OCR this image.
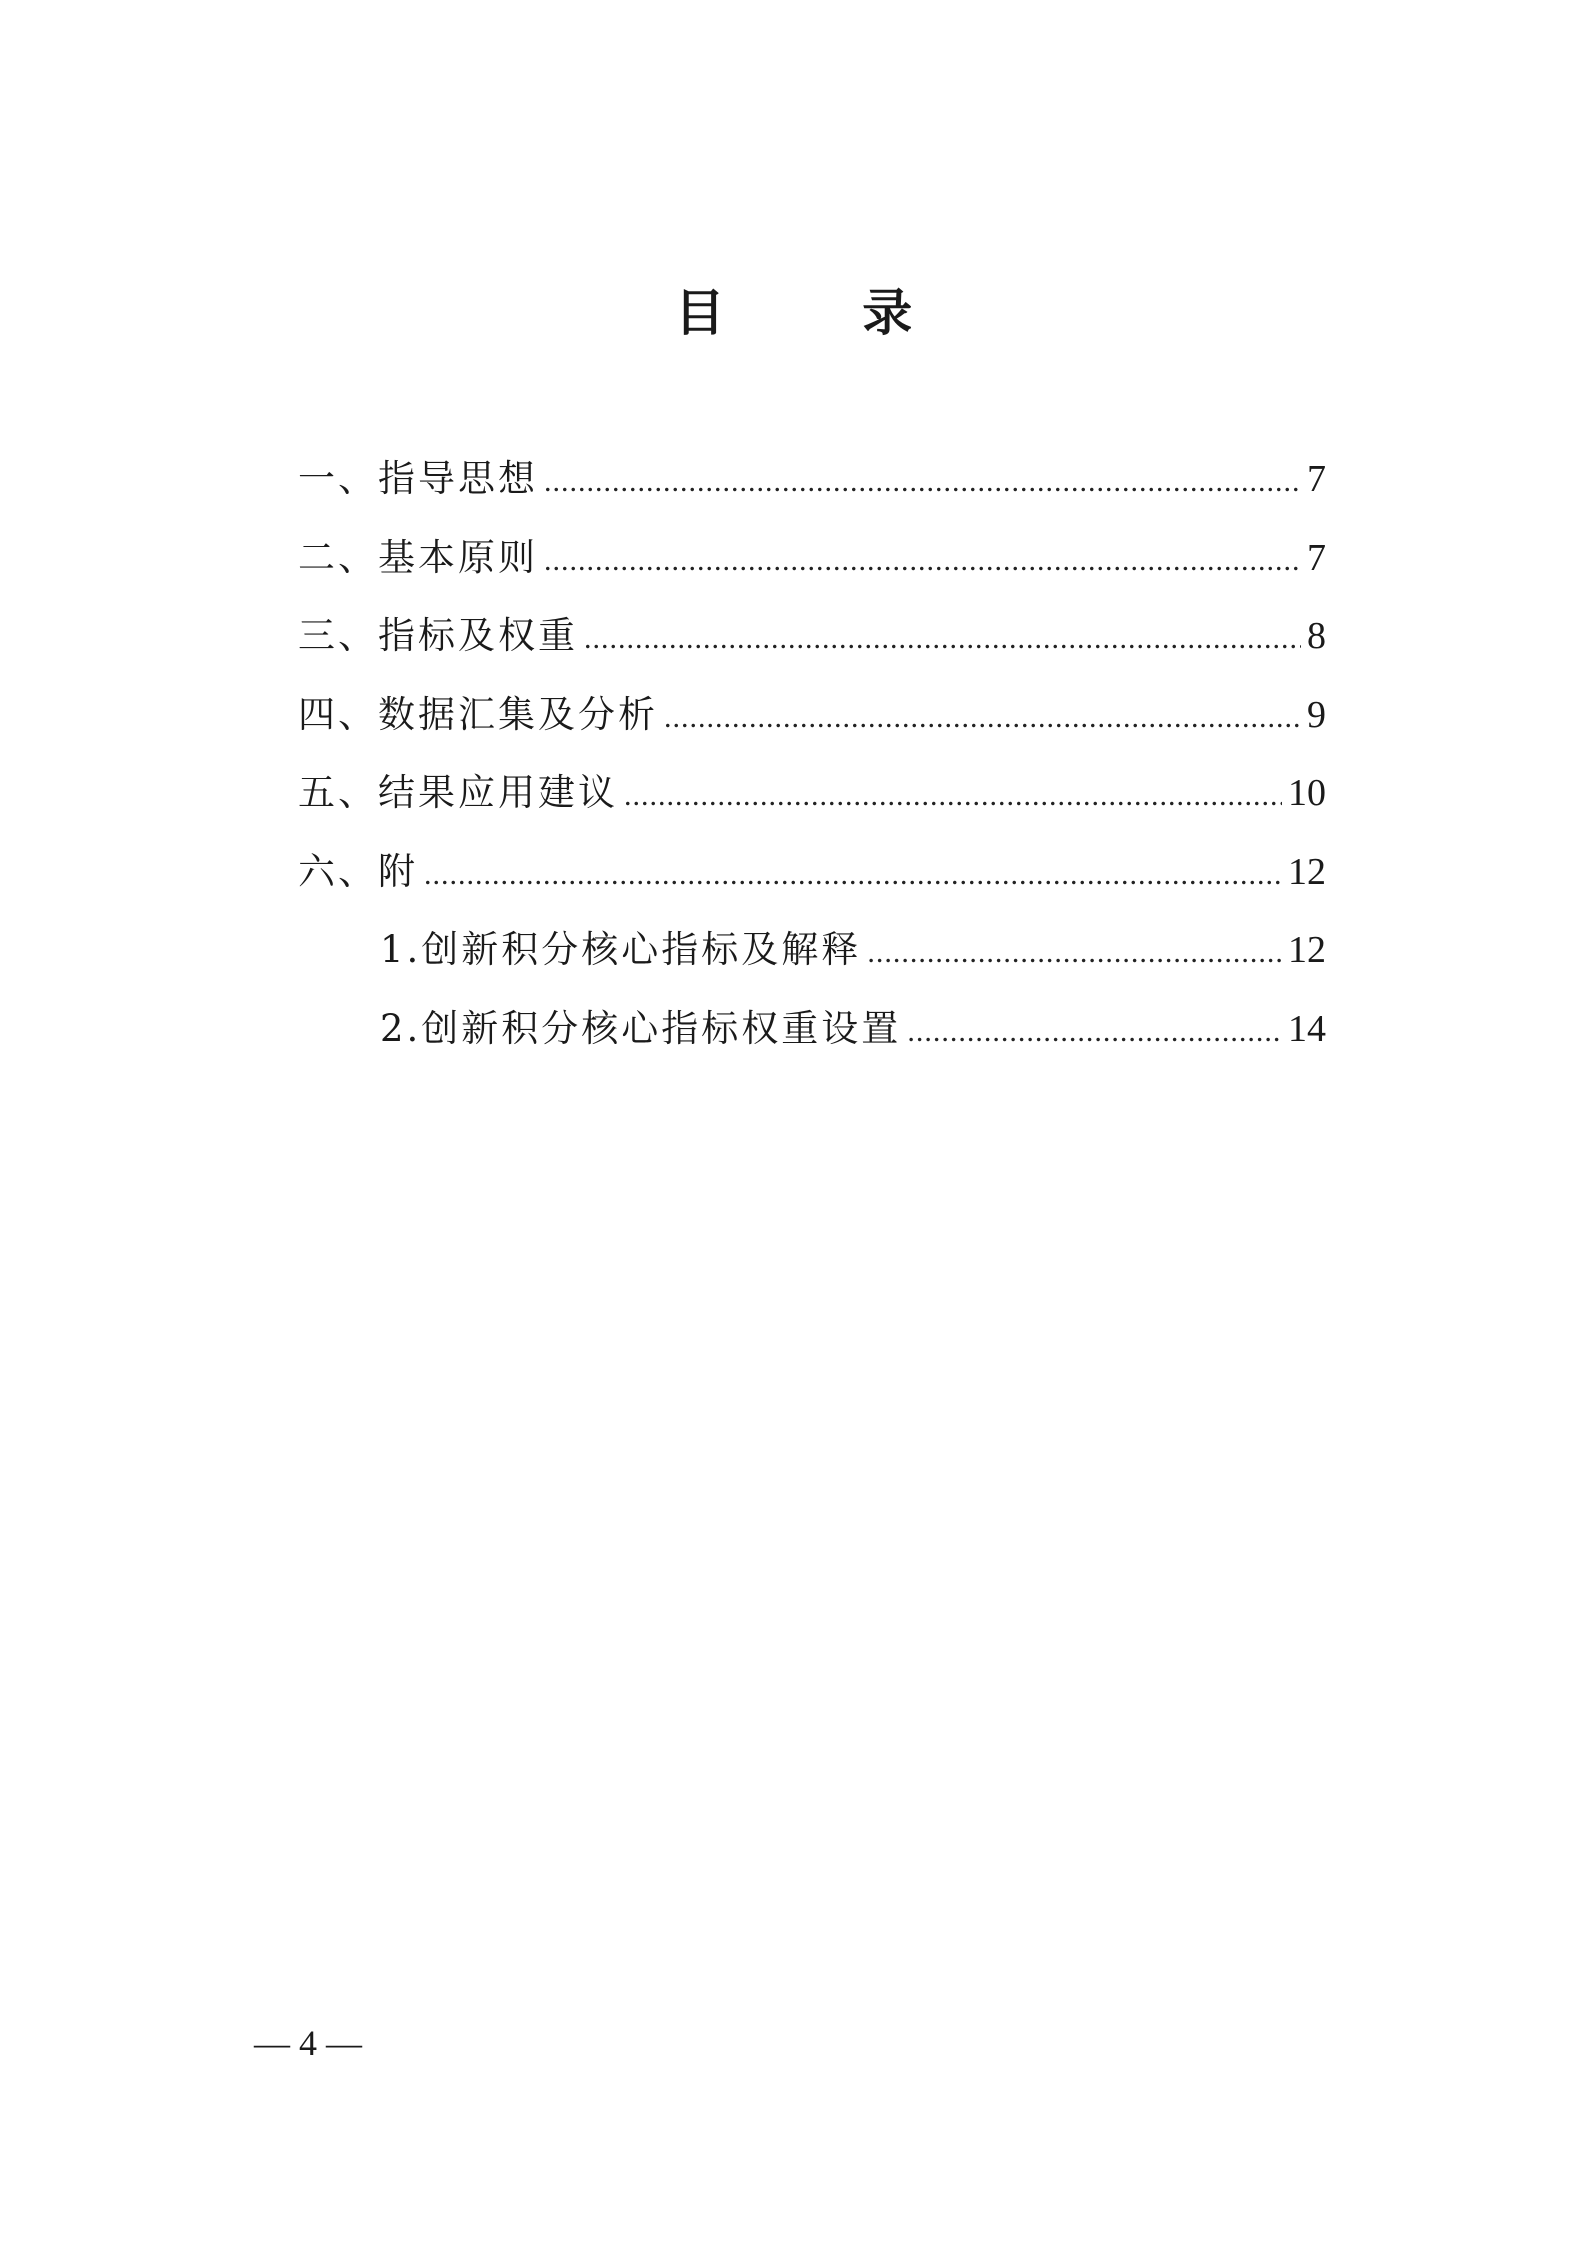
目 录
一、指导思想 .....	7
二、基本原则 .....	7
三、指标及权重 .....	8
四、数据汇集及分析 .....	9
五、结果应用建议 .....	10
六、附 .....	12
1.创新积分核心指标及解释 .....	12
2.创新积分核心指标权重设置 .....	14
— 4 —
